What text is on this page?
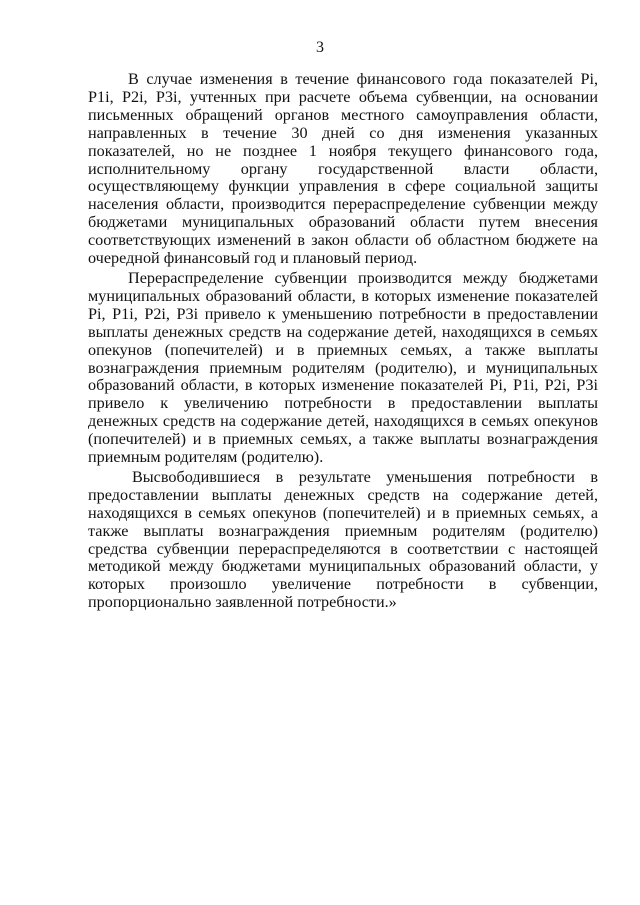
3

В случае изменения в течение финансового года показателей Pi, P1i, P2i, P3i, учтенных при расчете объема субвенции, на основании письменных обращений органов местного самоуправления области, направленных в течение 30 дней со дня изменения указанных показателей, но не позднее 1 ноября текущего финансового года, исполнительному органу государственной власти области, осуществляющему функции управления в сфере социальной защиты населения области, производится перераспределение субвенции между бюджетами муниципальных образований области путем внесения соответствующих изменений в закон области об областном бюджете на очередной финансовый год и плановый период.

Перераспределение субвенции производится между бюджетами муниципальных образований области, в которых изменение показателей Pi, P1i, P2i, P3i привело к уменьшению потребности в предоставлении выплаты денежных средств на содержание детей, находящихся в семьях опекунов (попечителей) и в приемных семьях, а также выплаты вознаграждения приемным родителям (родителю), и муниципальных образований области, в которых изменение показателей Pi, P1i, P2i, P3i привело к увеличению потребности в предоставлении выплаты денежных средств на содержание детей, находящихся в семьях опекунов (попечителей) и в приемных семьях, а также выплаты вознаграждения приемным родителям (родителю).

Высвободившиеся в результате уменьшения потребности в предоставлении выплаты денежных средств на содержание детей, находящихся в семьях опекунов (попечителей) и в приемных семьях, а также выплаты вознаграждения приемным родителям (родителю) средства субвенции перераспределяются в соответствии с настоящей методикой между бюджетами муниципальных образований области, у которых произошло увеличение потребности в субвенции, пропорционально заявленной потребности.»
